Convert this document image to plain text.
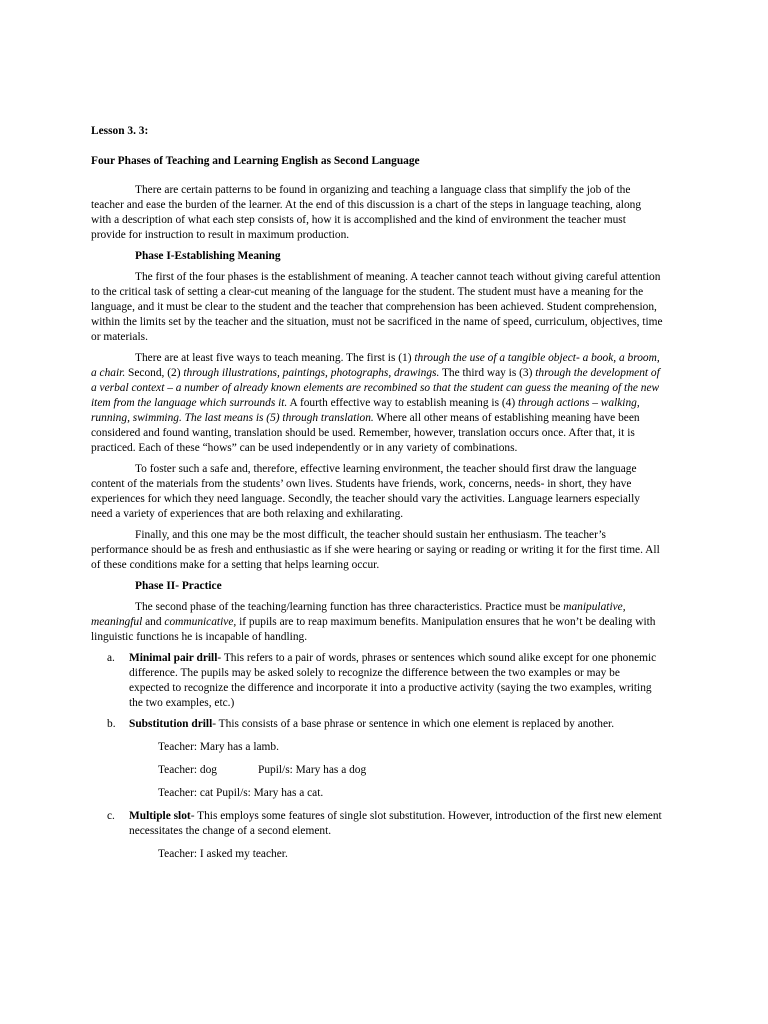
Lesson 3. 3:
Four Phases of Teaching and Learning English as Second Language

There are certain patterns to be found in organizing and teaching a language class that simplify the job of the teacher and ease the burden of the learner. At the end of this discussion is a chart of the steps in language teaching, along with a description of what each step consists of, how it is accomplished and the kind of environment the teacher must provide for instruction to result in maximum production.

Phase I-Establishing Meaning

The first of the four phases is the establishment of meaning. A teacher cannot teach without giving careful attention to the critical task of setting a clear-cut meaning of the language for the student. The student must have a meaning for the language, and it must be clear to the student and the teacher that comprehension has been achieved. Student comprehension, within the limits set by the teacher and the situation, must not be sacrificed in the name of speed, curriculum, objectives, time or materials.

There are at least five ways to teach meaning. The first is (1) through the use of a tangible object- a book, a broom, a chair. Second, (2) through illustrations, paintings, photographs, drawings. The third way is (3) through the development of a verbal context – a number of already known elements are recombined so that the student can guess the meaning of the new item from the language which surrounds it. A fourth effective way to establish meaning is (4) through actions – walking, running, swimming. The last means is (5) through translation. Where all other means of establishing meaning have been considered and found wanting, translation should be used. Remember, however, translation occurs once. After that, it is practiced. Each of these “hows” can be used independently or in any variety of combinations.

To foster such a safe and, therefore, effective learning environment, the teacher should first draw the language content of the materials from the students’ own lives. Students have friends, work, concerns, needs- in short, they have experiences for which they need language. Secondly, the teacher should vary the activities. Language learners especially need a variety of experiences that are both relaxing and exhilarating.

Finally, and this one may be the most difficult, the teacher should sustain her enthusiasm. The teacher’s performance should be as fresh and enthusiastic as if she were hearing or saying or reading or writing it for the first time. All of these conditions make for a setting that helps learning occur.

Phase II- Practice

The second phase of the teaching/learning function has three characteristics. Practice must be manipulative, meaningful and communicative, if pupils are to reap maximum benefits. Manipulation ensures that he won’t be dealing with linguistic functions he is incapable of handling.

a. Minimal pair drill- This refers to a pair of words, phrases or sentences which sound alike except for one phonemic difference. The pupils may be asked solely to recognize the difference between the two examples or may be expected to recognize the difference and incorporate it into a productive activity (saying the two examples, writing the two examples, etc.)
b. Substitution drill- This consists of a base phrase or sentence in which one element is replaced by another.
Teacher: Mary has a lamb.
Teacher: dog	Pupil/s: Mary has a dog
Teacher: cat Pupil/s: Mary has a cat.
c. Multiple slot- This employs some features of single slot substitution. However, introduction of the first new element necessitates the change of a second element.
Teacher: I asked my teacher.
